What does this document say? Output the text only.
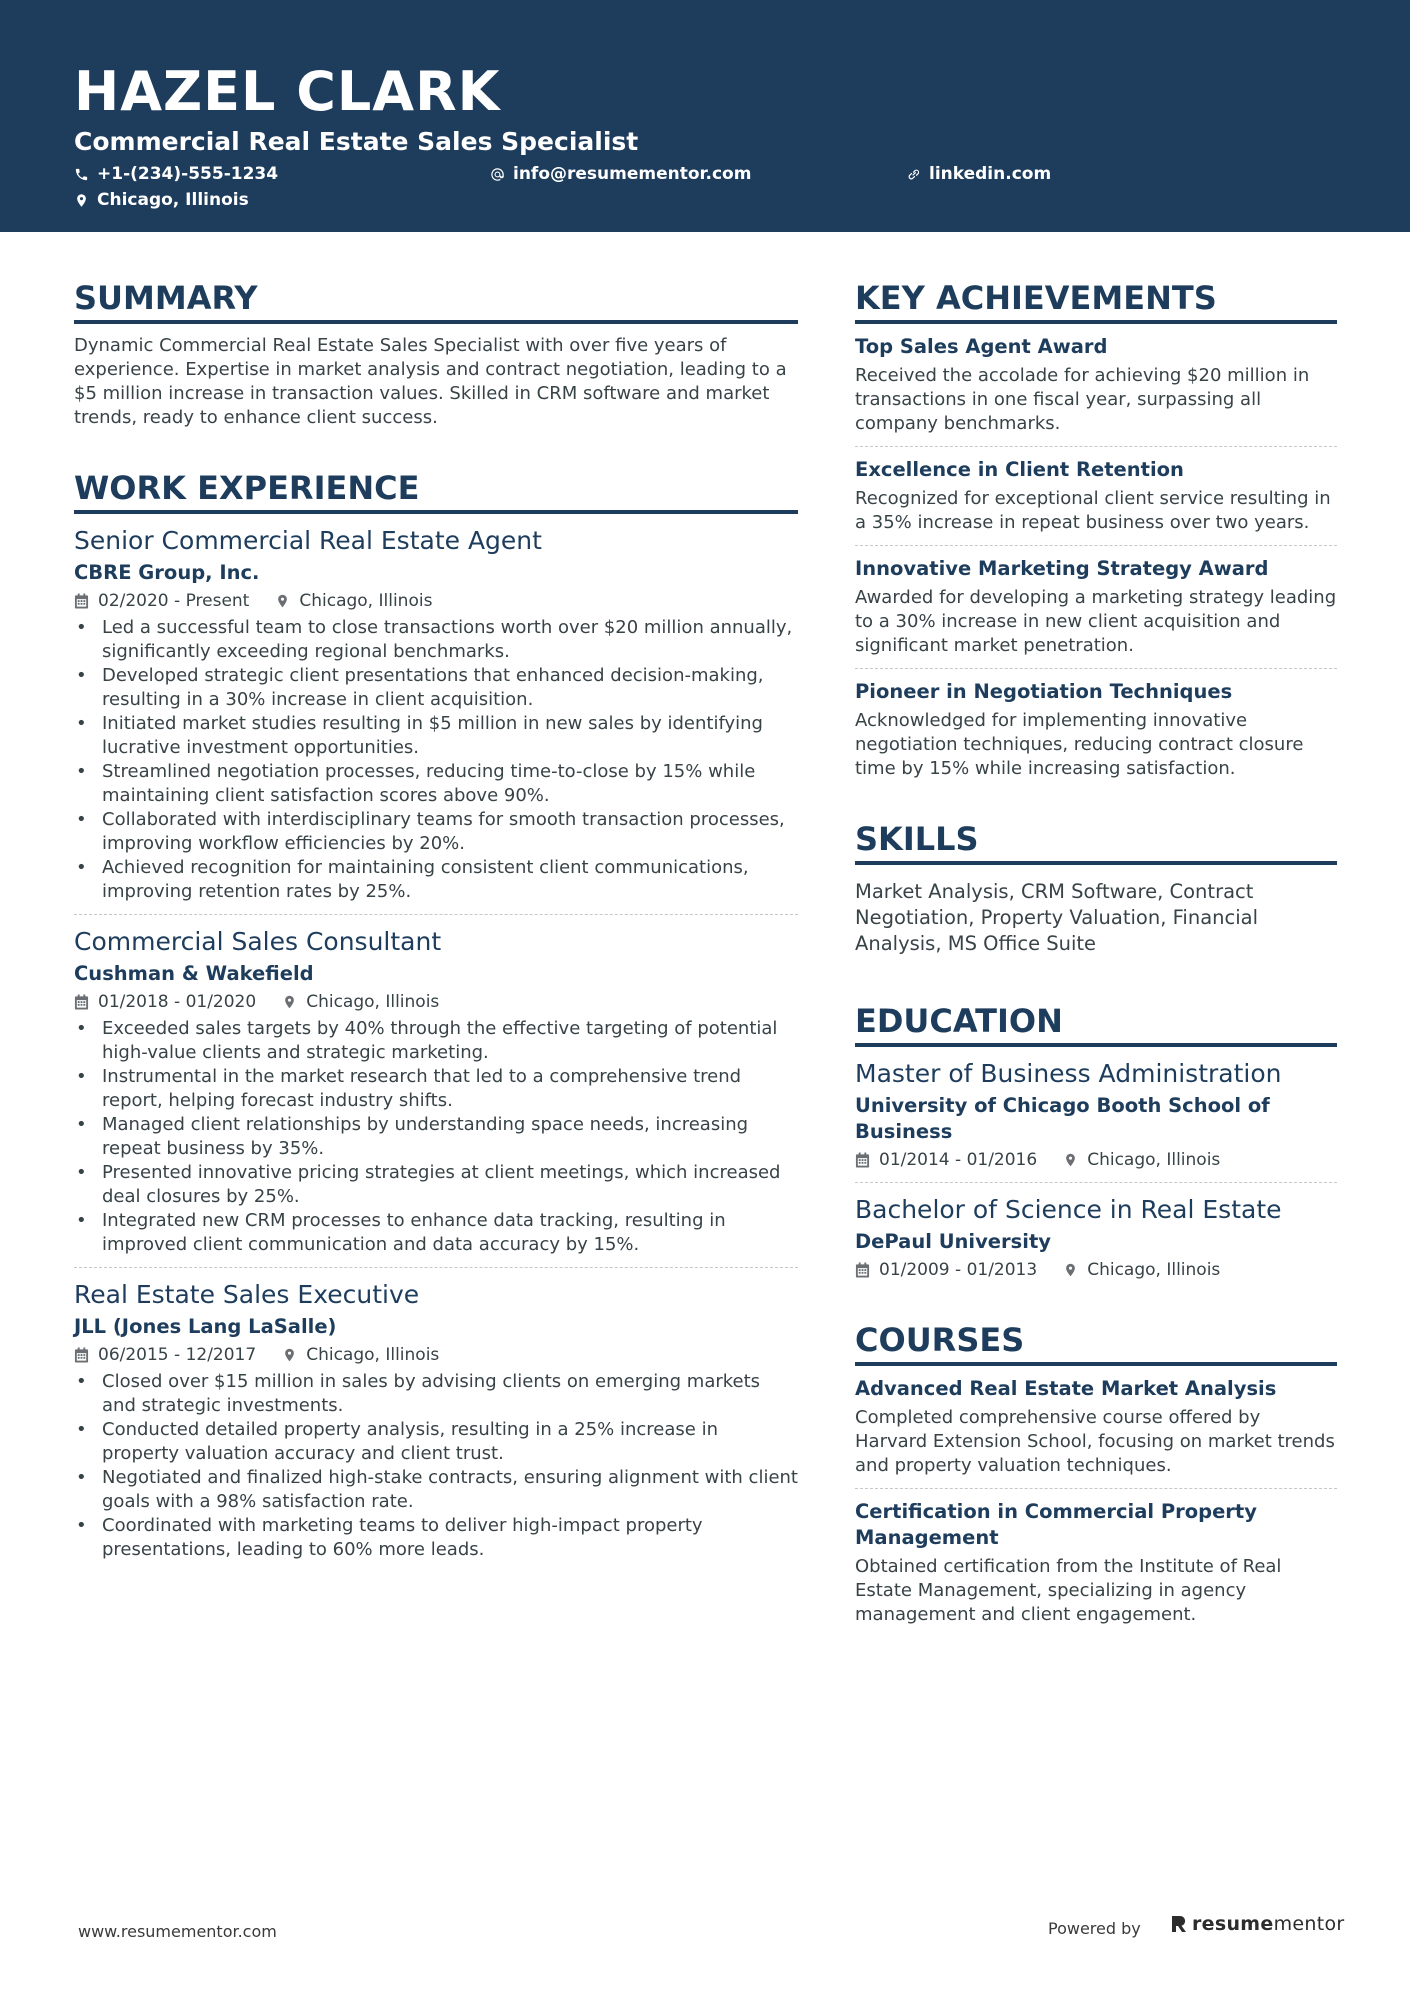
HAZEL CLARK
Commercial Real Estate Sales Specialist
+1-(234)-555-1234	info@resumementor.com	linkedin.com
Chicago, Illinois
SUMMARY
Dynamic Commercial Real Estate Sales Specialist with over five years of experience. Expertise in market analysis and contract negotiation, leading to a $5 million increase in transaction values. Skilled in CRM software and market trends, ready to enhance client success.
WORK EXPERIENCE
Senior Commercial Real Estate Agent
CBRE Group, Inc.
02/2020 - Present	Chicago, Illinois
• Led a successful team to close transactions worth over $20 million annually, significantly exceeding regional benchmarks.
• Developed strategic client presentations that enhanced decision-making, resulting in a 30% increase in client acquisition.
• Initiated market studies resulting in $5 million in new sales by identifying lucrative investment opportunities.
• Streamlined negotiation processes, reducing time-to-close by 15% while maintaining client satisfaction scores above 90%.
• Collaborated with interdisciplinary teams for smooth transaction processes, improving workflow efficiencies by 20%.
• Achieved recognition for maintaining consistent client communications, improving retention rates by 25%.
Commercial Sales Consultant
Cushman & Wakefield
01/2018 - 01/2020	Chicago, Illinois
• Exceeded sales targets by 40% through the effective targeting of potential high-value clients and strategic marketing.
• Instrumental in the market research that led to a comprehensive trend report, helping forecast industry shifts.
• Managed client relationships by understanding space needs, increasing repeat business by 35%.
• Presented innovative pricing strategies at client meetings, which increased deal closures by 25%.
• Integrated new CRM processes to enhance data tracking, resulting in improved client communication and data accuracy by 15%.
Real Estate Sales Executive
JLL (Jones Lang LaSalle)
06/2015 - 12/2017	Chicago, Illinois
• Closed over $15 million in sales by advising clients on emerging markets and strategic investments.
• Conducted detailed property analysis, resulting in a 25% increase in property valuation accuracy and client trust.
• Negotiated and finalized high-stake contracts, ensuring alignment with client goals with a 98% satisfaction rate.
• Coordinated with marketing teams to deliver high-impact property presentations, leading to 60% more leads.
KEY ACHIEVEMENTS
Top Sales Agent Award
Received the accolade for achieving $20 million in transactions in one fiscal year, surpassing all company benchmarks.
Excellence in Client Retention
Recognized for exceptional client service resulting in a 35% increase in repeat business over two years.
Innovative Marketing Strategy Award
Awarded for developing a marketing strategy leading to a 30% increase in new client acquisition and significant market penetration.
Pioneer in Negotiation Techniques
Acknowledged for implementing innovative negotiation techniques, reducing contract closure time by 15% while increasing satisfaction.
SKILLS
Market Analysis, CRM Software, Contract Negotiation, Property Valuation, Financial Analysis, MS Office Suite
EDUCATION
Master of Business Administration
University of Chicago Booth School of Business
01/2014 - 01/2016	Chicago, Illinois
Bachelor of Science in Real Estate
DePaul University
01/2009 - 01/2013	Chicago, Illinois
COURSES
Advanced Real Estate Market Analysis
Completed comprehensive course offered by Harvard Extension School, focusing on market trends and property valuation techniques.
Certification in Commercial Property Management
Obtained certification from the Institute of Real Estate Management, specializing in agency management and client engagement.
www.resumementor.com	Powered by	resumementor
